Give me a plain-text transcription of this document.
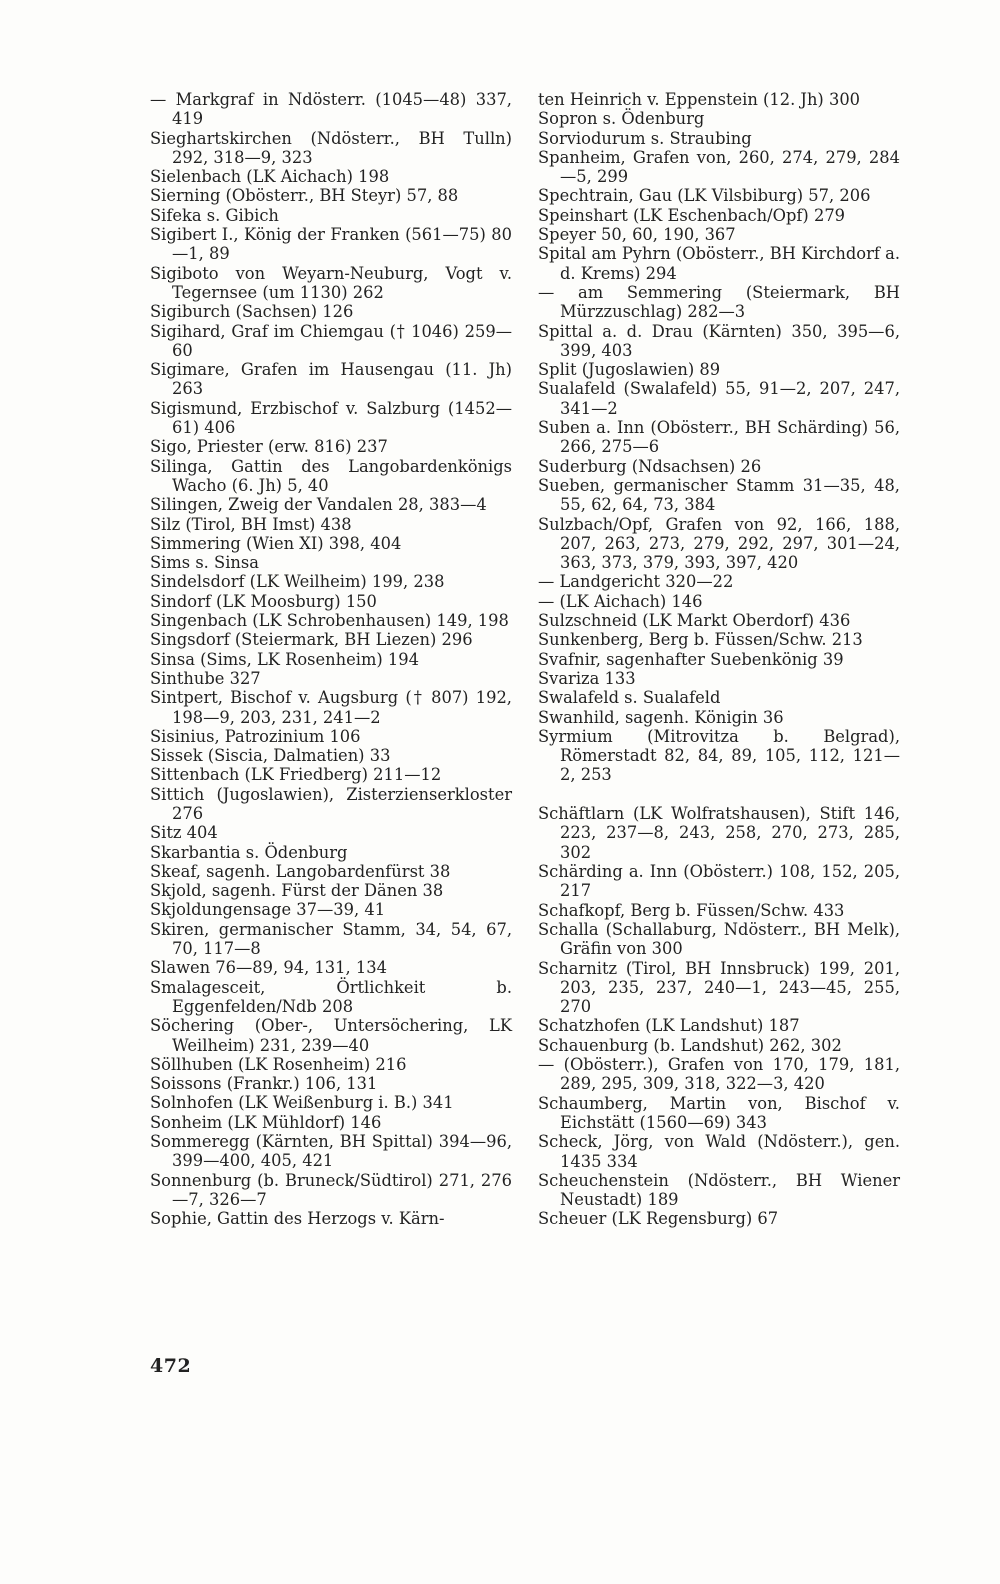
— Markgraf in Ndösterr. (1045—48) 337, 419

Sieghartskirchen (Ndösterr., BH Tulln) 292, 318—9, 323

Sielenbach (LK Aichach) 198

Sierning (Obösterr., BH Steyr) 57, 88

Sifeka s. Gibich

Sigibert I., König der Franken (561—75) 80—1, 89

Sigiboto von Weyarn-Neuburg, Vogt v. Tegernsee (um 1130) 262

Sigiburch (Sachsen) 126

Sigihard, Graf im Chiemgau († 1046) 259—60

Sigimare, Grafen im Hausengau (11. Jh) 263

Sigismund, Erzbischof v. Salzburg (1452—61) 406

Sigo, Priester (erw. 816) 237

Silinga, Gattin des Langobardenkönigs Wacho (6. Jh) 5, 40

Silingen, Zweig der Vandalen 28, 383—4

Silz (Tirol, BH Imst) 438

Simmering (Wien XI) 398, 404

Sims s. Sinsa

Sindelsdorf (LK Weilheim) 199, 238

Sindorf (LK Moosburg) 150

Singenbach (LK Schrobenhausen) 149, 198

Singsdorf (Steiermark, BH Liezen) 296

Sinsa (Sims, LK Rosenheim) 194

Sinthube 327

Sintpert, Bischof v. Augsburg († 807) 192, 198—9, 203, 231, 241—2

Sisinius, Patrozinium 106

Sissek (Siscia, Dalmatien) 33

Sittenbach (LK Friedberg) 211—12

Sittich (Jugoslawien), Zisterzienserkloster 276

Sitz 404

Skarbantia s. Ödenburg

Skeaf, sagenh. Langobardenfürst 38

Skjold, sagenh. Fürst der Dänen 38

Skjoldungensage 37—39, 41

Skiren, germanischer Stamm, 34, 54, 67, 70, 117—8

Slawen 76—89, 94, 131, 134

Smalagesceit, Örtlichkeit b. Eggenfelden/Ndb 208

Söchering (Ober-, Untersöchering, LK Weilheim) 231, 239—40

Söllhuben (LK Rosenheim) 216

Soissons (Frankr.) 106, 131

Solnhofen (LK Weißenburg i. B.) 341

Sonheim (LK Mühldorf) 146

Sommeregg (Kärnten, BH Spittal) 394—96, 399—400, 405, 421

Sonnenburg (b. Bruneck/Südtirol) 271, 276—7, 326—7

Sophie, Gattin des Herzogs v. Kärn-

ten Heinrich v. Eppenstein (12. Jh) 300

Sopron s. Ödenburg

Sorviodurum s. Straubing

Spanheim, Grafen von, 260, 274, 279, 284—5, 299

Spechtrain, Gau (LK Vilsbiburg) 57, 206

Speinshart (LK Eschenbach/Opf) 279

Speyer 50, 60, 190, 367

Spital am Pyhrn (Obösterr., BH Kirchdorf a. d. Krems) 294

— am Semmering (Steiermark, BH Mürzzuschlag) 282—3

Spittal a. d. Drau (Kärnten) 350, 395—6, 399, 403

Split (Jugoslawien) 89

Sualafeld (Swalafeld) 55, 91—2, 207, 247, 341—2

Suben a. Inn (Obösterr., BH Schärding) 56, 266, 275—6

Suderburg (Ndsachsen) 26

Sueben, germanischer Stamm 31—35, 48, 55, 62, 64, 73, 384

Sulzbach/Opf, Grafen von 92, 166, 188, 207, 263, 273, 279, 292, 297, 301—24, 363, 373, 379, 393, 397, 420

— Landgericht 320—22

— (LK Aichach) 146

Sulzschneid (LK Markt Oberdorf) 436

Sunkenberg, Berg b. Füssen/Schw. 213

Svafnir, sagenhafter Suebenkönig 39

Svariza 133

Swalafeld s. Sualafeld

Swanhild, sagenh. Königin 36

Syrmium (Mitrovitza b. Belgrad), Römerstadt 82, 84, 89, 105, 112, 121—2, 253

Schäftlarn (LK Wolfratshausen), Stift 146, 223, 237—8, 243, 258, 270, 273, 285, 302

Schärding a. Inn (Obösterr.) 108, 152, 205, 217

Schafkopf, Berg b. Füssen/Schw. 433

Schalla (Schallaburg, Ndösterr., BH Melk), Gräfin von 300

Scharnitz (Tirol, BH Innsbruck) 199, 201, 203, 235, 237, 240—1, 243—45, 255, 270

Schatzhofen (LK Landshut) 187

Schauenburg (b. Landshut) 262, 302

— (Obösterr.), Grafen von 170, 179, 181, 289, 295, 309, 318, 322—3, 420

Schaumberg, Martin von, Bischof v. Eichstätt (1560—69) 343

Scheck, Jörg, von Wald (Ndösterr.), gen. 1435 334

Scheuchenstein (Ndösterr., BH Wiener Neustadt) 189

Scheuer (LK Regensburg) 67

472
